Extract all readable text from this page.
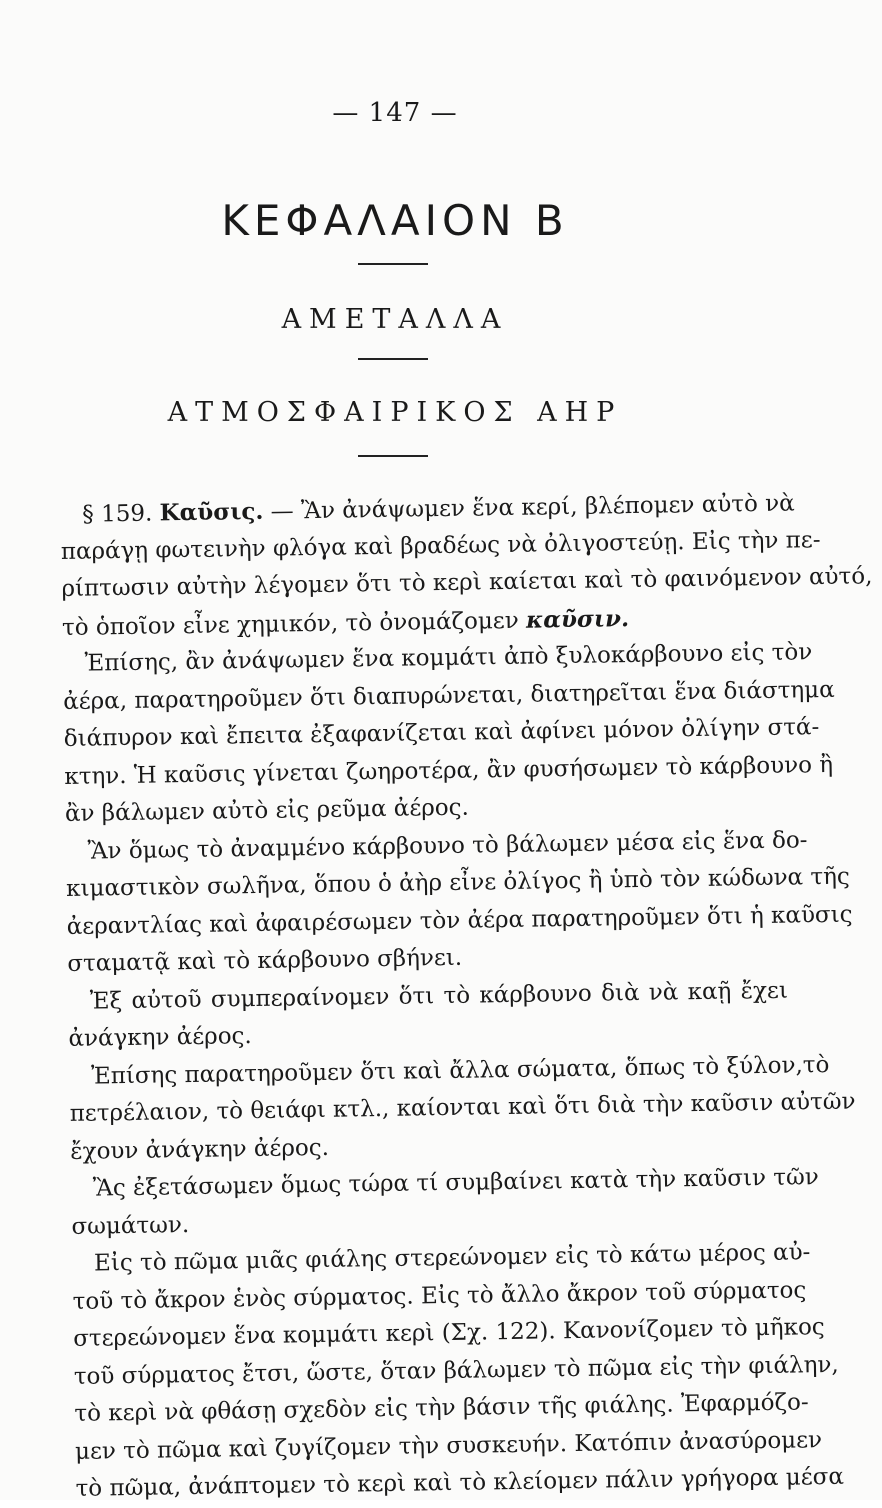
— 147 —
ΚΕΦΑΛΑΙΟΝ Β
ΑΜΕΤΑΛΛΑ
ΑΤΜΟΣΦΑΙΡΙΚΟΣ ΑΗΡ
§ 159. Καῦσις. — Ἂν ἀνάψωμεν ἕνα κερί, βλέπομεν αὐτὸ νὰ
παράγῃ φωτεινὴν φλόγα καὶ βραδέως νὰ ὀλιγοστεύῃ. Εἰς τὴν πε-
ρίπτωσιν αὐτὴν λέγομεν ὅτι τὸ κερὶ καίεται καὶ τὸ φαινόμενον αὐτό,
τὸ ὁποῖον εἶνε χημικόν, τὸ ὀνομάζομεν καῦσιν.
Ἐπίσης, ἂν ἀνάψωμεν ἕνα κομμάτι ἀπὸ ξυλοκάρβουνο εἰς τὸν
ἀέρα, παρατηροῦμεν ὅτι διαπυρώνεται, διατηρεῖται ἕνα διάστημα
διάπυρον καὶ ἔπειτα ἐξαφανίζεται καὶ ἀφίνει μόνον ὀλίγην στά-
κτην. Ἡ καῦσις γίνεται ζωηροτέρα, ἂν φυσήσωμεν τὸ κάρβουνο ἢ
ἂν βάλωμεν αὐτὸ εἰς ρεῦμα ἀέρος.
Ἂν ὅμως τὸ ἀναμμένο κάρβουνο τὸ βάλωμεν μέσα εἰς ἕνα δο-
κιμαστικὸν σωλῆνα, ὅπου ὁ ἀὴρ εἶνε ὀλίγος ἢ ὑπὸ τὸν κώδωνα τῆς
ἀεραντλίας καὶ ἀφαιρέσωμεν τὸν ἀέρα παρατηροῦμεν ὅτι ἡ καῦσις
σταματᾷ καὶ τὸ κάρβουνο σβήνει.
Ἐξ αὐτοῦ συμπεραίνομεν ὅτι τὸ κάρβουνο διὰ νὰ καῇ ἔχει
ἀνάγκην ἀέρος.
Ἐπίσης παρατηροῦμεν ὅτι καὶ ἄλλα σώματα, ὅπως τὸ ξύλον,τὸ
πετρέλαιον, τὸ θειάφι κτλ., καίονται καὶ ὅτι διὰ τὴν καῦσιν αὐτῶν
ἔχουν ἀνάγκην ἀέρος.
Ἂς ἐξετάσωμεν ὅμως τώρα τί συμβαίνει κατὰ τὴν καῦσιν τῶν
σωμάτων.
Εἰς τὸ πῶμα μιᾶς φιάλης στερεώνομεν εἰς τὸ κάτω μέρος αὐ-
τοῦ τὸ ἄκρον ἑνὸς σύρματος. Εἰς τὸ ἄλλο ἄκρον τοῦ σύρματος
στερεώνομεν ἕνα κομμάτι κερὶ (Σχ. 122). Κανονίζομεν τὸ μῆκος
τοῦ σύρματος ἔτσι, ὥστε, ὅταν βάλωμεν τὸ πῶμα εἰς τὴν φιάλην,
τὸ κερὶ νὰ φθάσῃ σχεδὸν εἰς τὴν βάσιν τῆς φιάλης. Ἐφαρμόζο-
μεν τὸ πῶμα καὶ ζυγίζομεν τὴν συσκευήν. Κατόπιν ἀνασύρομεν
τὸ πῶμα, ἀνάπτομεν τὸ κερὶ καὶ τὸ κλείομεν πάλιν γρήγορα μέσα
